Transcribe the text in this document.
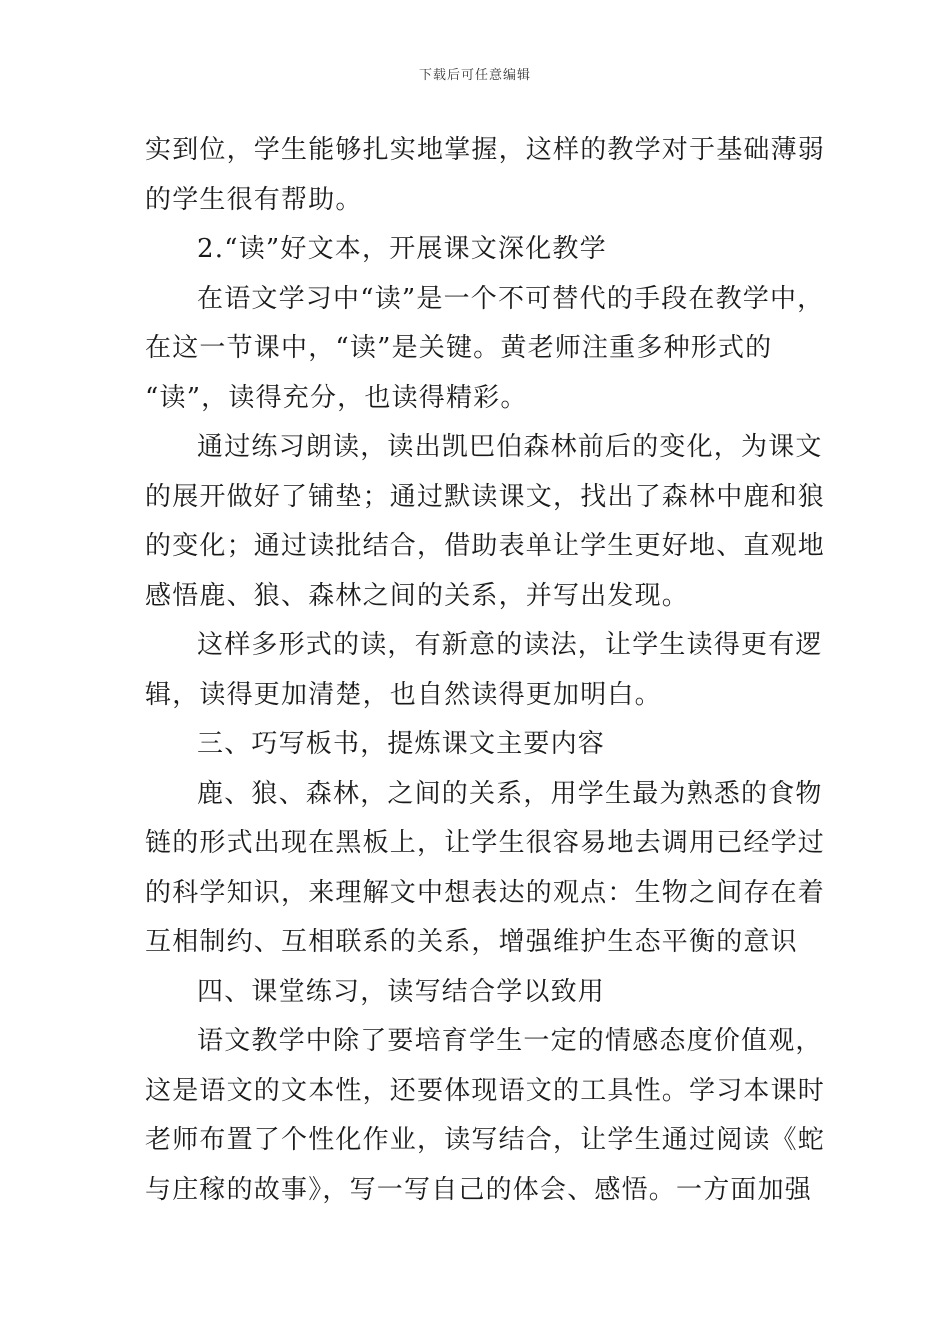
下载后可任意编辑
实到位，学生能够扎实地掌握，这样的教学对于基础薄弱
的学生很有帮助。
2.“读”好文本，开展课文深化教学
在语文学习中“读”是一个不可替代的手段在教学中，
在这一节课中，“读”是关键。黄老师注重多种形式的
“读”，读得充分，也读得精彩。
通过练习朗读，读出凯巴伯森林前后的变化，为课文
的展开做好了铺垫；通过默读课文，找出了森林中鹿和狼
的变化；通过读批结合，借助表单让学生更好地、直观地
感悟鹿、狼、森林之间的关系，并写出发现。
这样多形式的读，有新意的读法，让学生读得更有逻
辑，读得更加清楚，也自然读得更加明白。
三、巧写板书，提炼课文主要内容
鹿、狼、森林，之间的关系，用学生最为熟悉的食物
链的形式出现在黑板上，让学生很容易地去调用已经学过
的科学知识，来理解文中想表达的观点：生物之间存在着
互相制约、互相联系的关系，增强维护生态平衡的意识
四、课堂练习，读写结合学以致用
语文教学中除了要培育学生一定的情感态度价值观，
这是语文的文本性，还要体现语文的工具性。学习本课时
老师布置了个性化作业，读写结合，让学生通过阅读《蛇
与庄稼的故事》，写一写自己的体会、感悟。一方面加强
